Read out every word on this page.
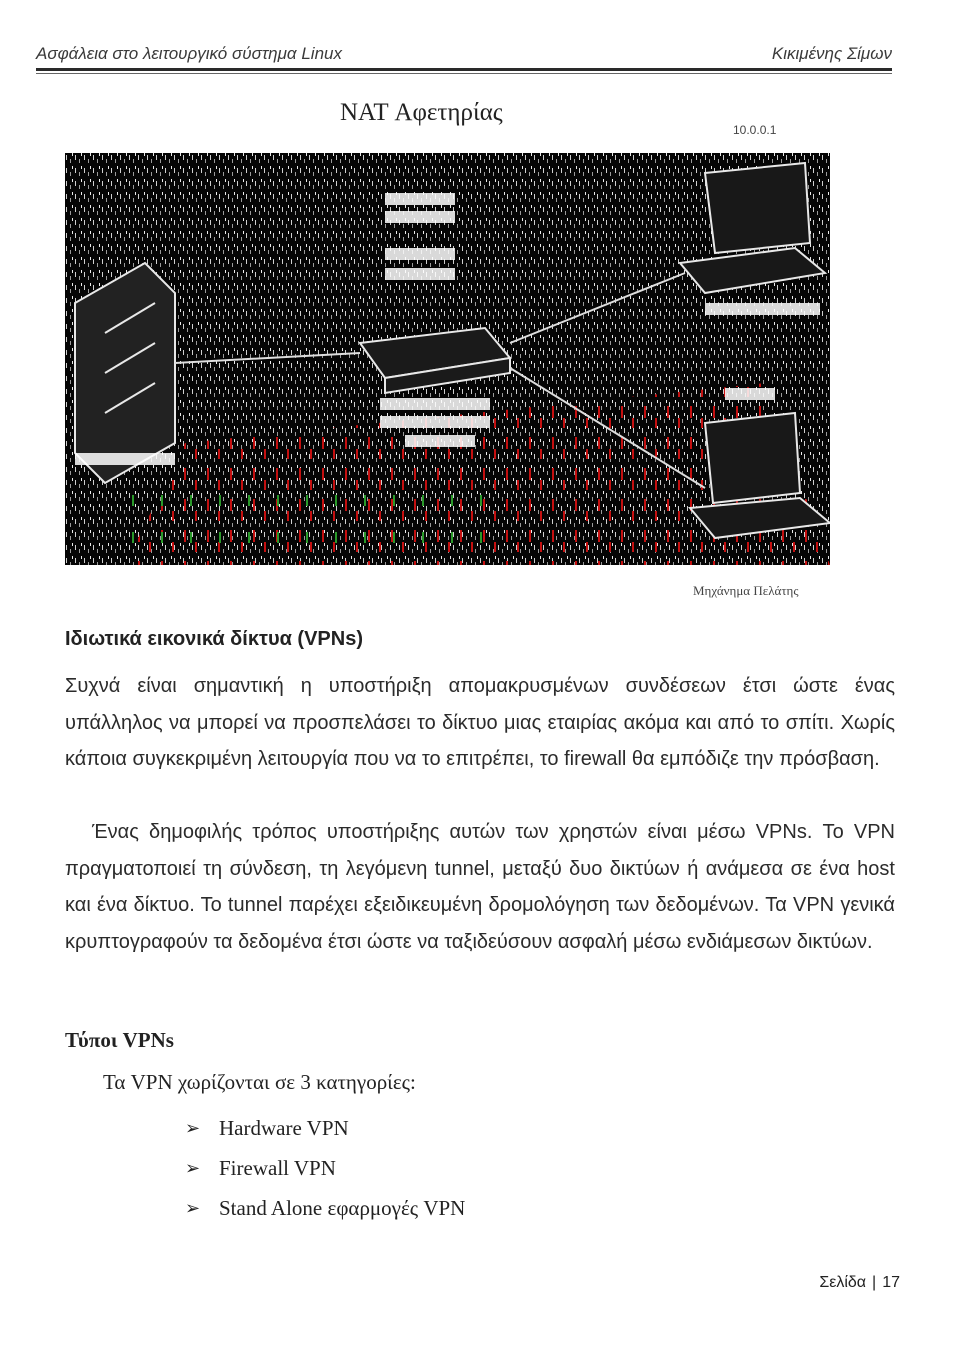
Ασφάλεια στο λειτουργικό σύστημα Linux	Κικιμένης Σίμων
NAT Αφετηρίας
10.0.0.1
Μηχάνημα Πελάτης
Ιδιωτικά εικονικά δίκτυα (VPNs)

Συχνά είναι σημαντική η υποστήριξη απομακρυσμένων συνδέσεων έτσι ώστε ένας υπάλληλος να μπορεί να προσπελάσει το δίκτυο μιας εταιρίας ακόμα και από το σπίτι. Χωρίς κάποια συγκεκριμένη λειτουργία που να το επιτρέπει, το firewall θα εμπόδιζε την πρόσβαση.

Ένας δημοφιλής τρόπος υποστήριξης αυτών των χρηστών είναι μέσω VPNs. Το VPN πραγματοποιεί τη σύνδεση, τη λεγόμενη tunnel, μεταξύ δυο δικτύων ή ανάμεσα σε ένα host και ένα δίκτυο. Το tunnel παρέχει εξειδικευμένη δρομολόγηση των δεδομένων. Τα VPN γενικά κρυπτογραφούν τα δεδομένα έτσι ώστε να ταξιδεύσουν ασφαλή μέσω ενδιάμεσων δικτύων.

Τύποι VPNs
Τα VPN χωρίζονται σε 3 κατηγορίες:
➢ Hardware VPN
➢ Firewall VPN
➢ Stand Alone εφαρμογές VPN
Σελίδα | 17
